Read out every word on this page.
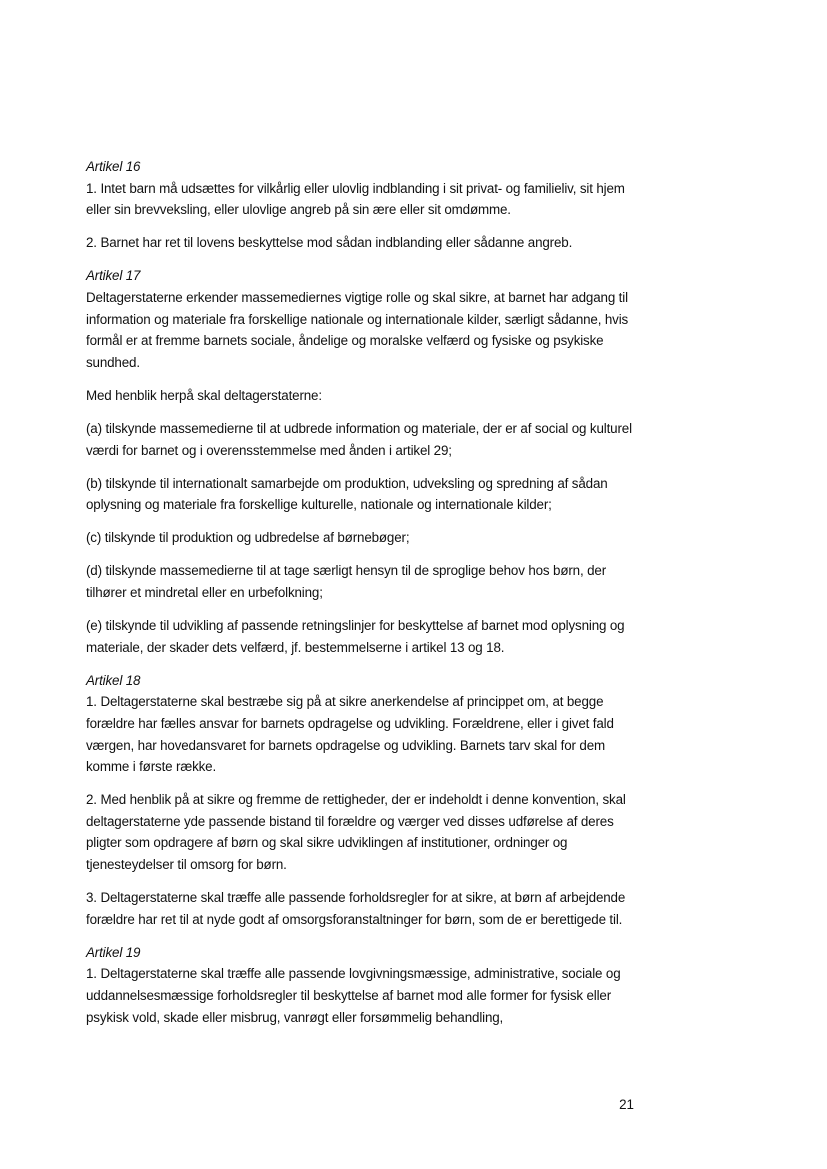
Artikel 16

1. Intet barn må udsættes for vilkårlig eller ulovlig indblanding i sit privat- og familieliv, sit hjem eller sin brevveksling, eller ulovlige angreb på sin ære eller sit omdømme.

2. Barnet har ret til lovens beskyttelse mod sådan indblanding eller sådanne angreb.

Artikel 17

Deltagerstaterne erkender massemediernes vigtige rolle og skal sikre, at barnet har adgang til information og materiale fra forskellige nationale og internationale kilder, særligt sådanne, hvis formål er at fremme barnets sociale, åndelige og moralske velfærd og fysiske og psykiske sundhed.

Med henblik herpå skal deltagerstaterne:

(a) tilskynde massemedierne til at udbrede information og materiale, der er af social og kulturel værdi for barnet og i overensstemmelse med ånden i artikel 29;

(b) tilskynde til internationalt samarbejde om produktion, udveksling og spredning af sådan oplysning og materiale fra forskellige kulturelle, nationale og internationale kilder;

(c) tilskynde til produktion og udbredelse af børnebøger;

(d) tilskynde massemedierne til at tage særligt hensyn til de sproglige behov hos børn, der tilhører et mindretal eller en urbefolkning;

(e) tilskynde til udvikling af passende retningslinjer for beskyttelse af barnet mod oplysning og materiale, der skader dets velfærd, jf. bestemmelserne i artikel 13 og 18.

Artikel 18

1. Deltagerstaterne skal bestræbe sig på at sikre anerkendelse af princippet om, at begge forældre har fælles ansvar for barnets opdragelse og udvikling. Forældrene, eller i givet fald værgen, har hovedansvaret for barnets opdragelse og udvikling. Barnets tarv skal for dem komme i første række.

2. Med henblik på at sikre og fremme de rettigheder, der er indeholdt i denne konvention, skal deltagerstaterne yde passende bistand til forældre og værger ved disses udførelse af deres pligter som opdragere af børn og skal sikre udviklingen af institutioner, ordninger og tjenesteydelser til omsorg for børn.

3. Deltagerstaterne skal træffe alle passende forholdsregler for at sikre, at børn af arbejdende forældre har ret til at nyde godt af omsorgsforanstaltninger for børn, som de er berettigede til.

Artikel 19

1. Deltagerstaterne skal træffe alle passende lovgivningsmæssige, administrative, sociale og uddannelsesmæssige forholdsregler til beskyttelse af barnet mod alle former for fysisk eller psykisk vold, skade eller misbrug, vanrøgt eller forsømmelig behandling,

21
